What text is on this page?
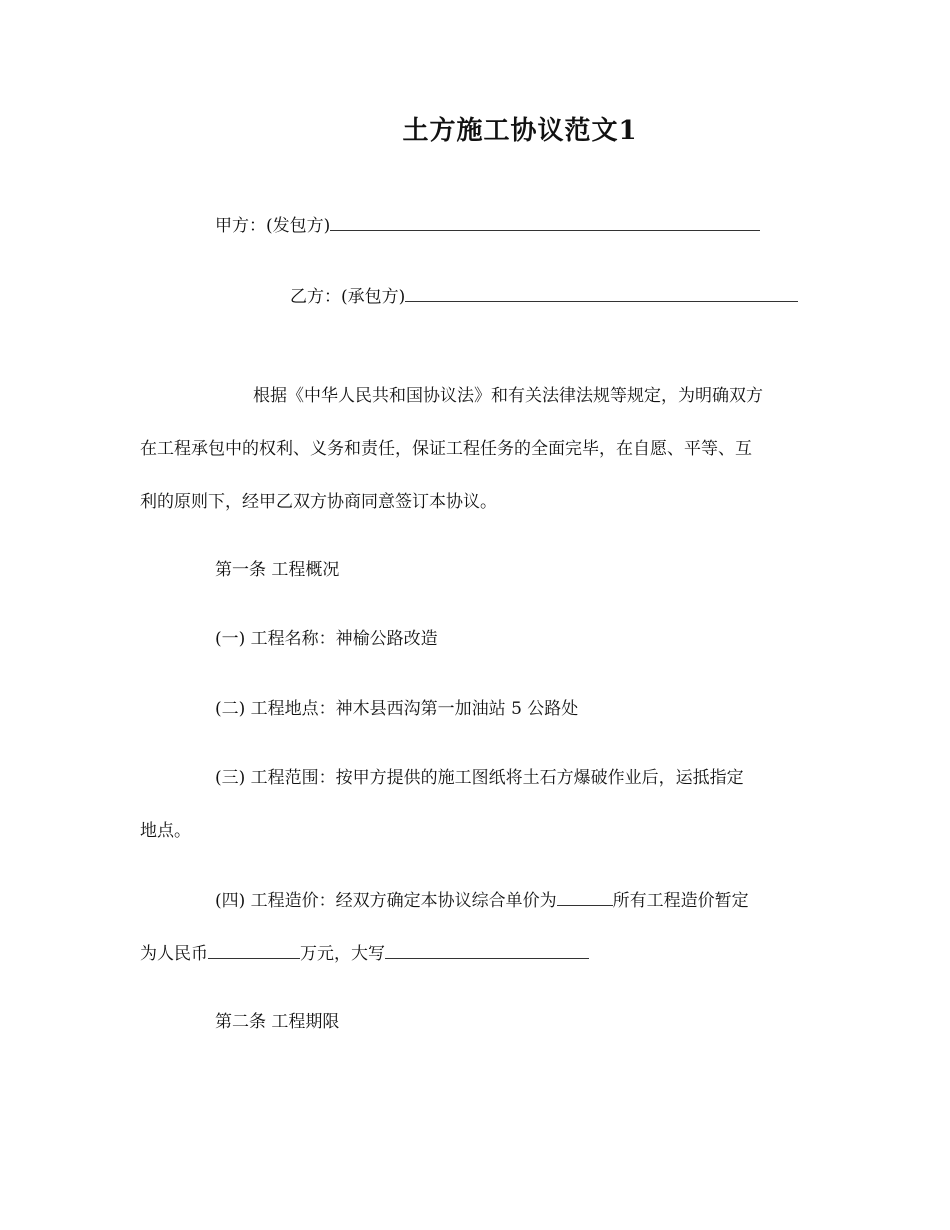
土方施工协议范文1
甲方：(发包方)
乙方：(承包方)
根据《中华人民共和国协议法》和有关法律法规等规定，为明确双方
在工程承包中的权利、义务和责任，保证工程任务的全面完毕，在自愿、平等、互
利的原则下，经甲乙双方协商同意签订本协议。
第一条 工程概况
(一) 工程名称：神榆公路改造
(二) 工程地点：神木县西沟第一加油站 5 公路处
(三) 工程范围：按甲方提供的施工图纸将土石方爆破作业后，运抵指定
地点。
(四) 工程造价：经双方确定本协议综合单价为	所有工程造价暂定
为人民币	万元，大写
第二条 工程期限
